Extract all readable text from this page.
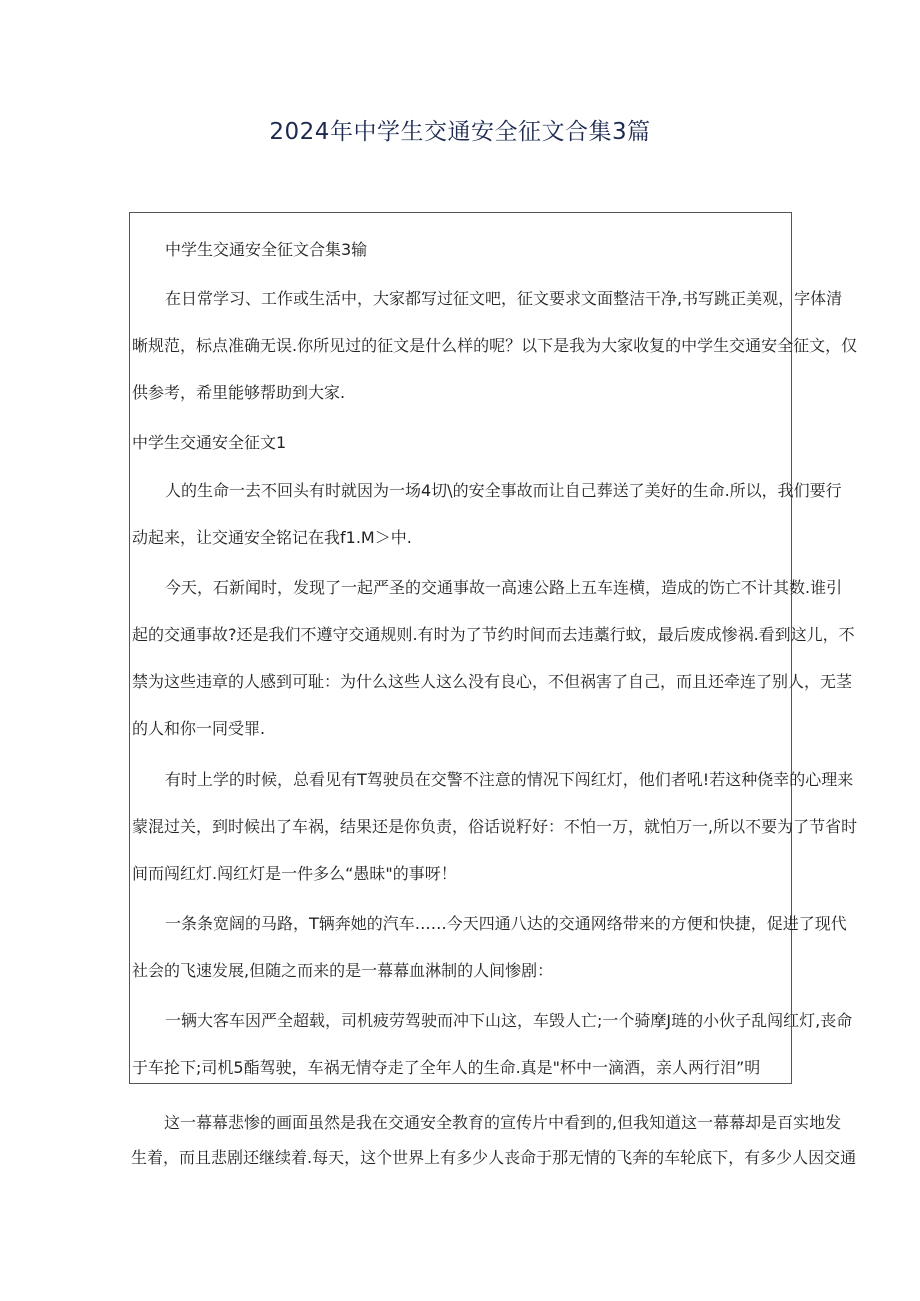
2024年中学生交通安全征文合集3篇
中学生交通安全征文合集3输
在日常学习、工作或生活中，大家都写过征文吧，征文要求文面整洁干净,书写跳正美观，字体清
晰规范，标点准确无误.你所见过的征文是什么样的呢？以下是我为大家收复的中学生交通安全征文，仅
供参考，希里能够帮助到大家.
中学生交通安全征文1
人的生命一去不回头有时就因为一场4切\的安全事故而让自己葬送了美好的生命.所以，我们要行
动起来，让交通安全铭记在我f1.M＞中.
今天，石新闻时，发现了一起严圣的交通事故一高速公路上五车连横，造成的饬亡不计其数.谁引
起的交通事故?还是我们不遵守交通规则.有时为了节约时间而去违藁行蚊，最后废成惨祸.看到这儿，不
禁为这些违章的人感到可耻：为什么这些人这么没有良心，不但祸害了自己，而且还牵连了别人，无茎
的人和你一同受罪.
有时上学的时候，总看见有T驾驶员在交警不注意的情况下闯红灯，他们者吼!若这种侥幸的心理来
蒙混过关，到时候出了车祸，结果还是你负责，俗话说籽好：不怕一万，就怕万一,所以不要为了节省时
间而闯红灯.闯红灯是一件多么“愚昧"的事呀！
一条条宽阔的马路，T辆奔她的汽车……今天四通八达的交通网络带来的方便和快捷，促进了现代
社会的飞速发展,但随之而来的是一幕幕血淋制的人间惨剧：
一辆大客车因严全超载，司机疲劳驾驶而冲下山这，车毁人亡;一个骑摩J琏的小伙子乱闯红灯,丧命
于车抡下;司机5酯驾驶，车祸无情夺走了全年人的生命.真是"杯中一滴酒，亲人两行泪”明
这一幕幕悲惨的画面虽然是我在交通安全教育的宣传片中看到的,但我知道这一幕幕却是百实地发
生着，而且悲剧还继续着.每天，这个世界上有多少人丧命于那无情的飞奔的车轮底下，有多少人因交通
